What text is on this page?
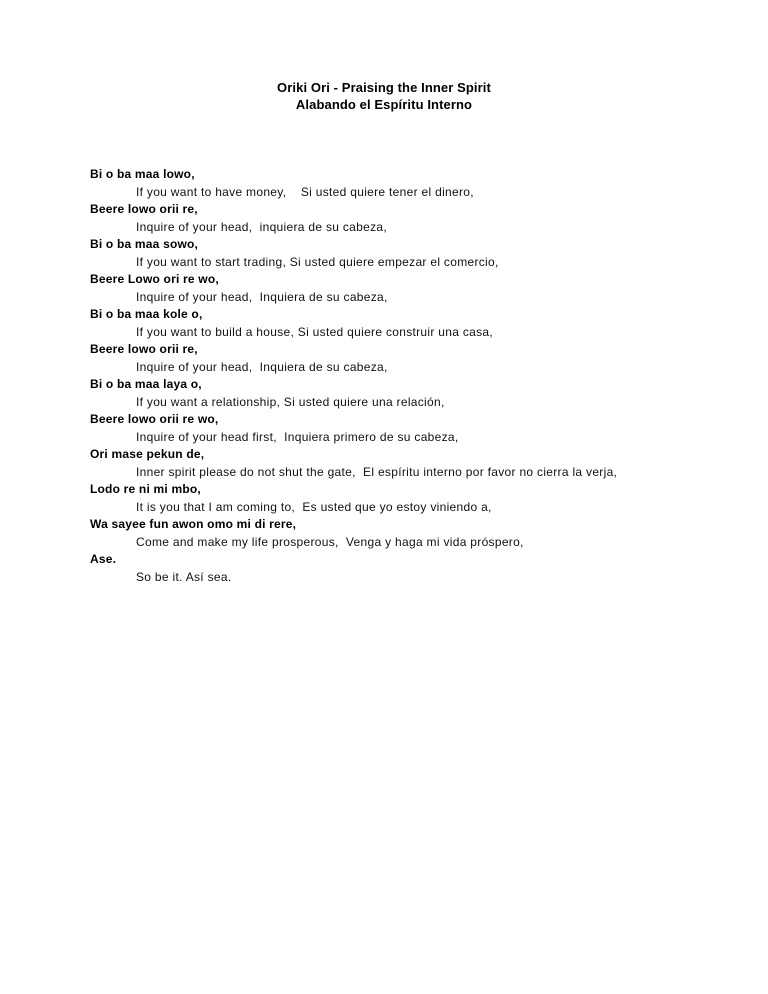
Oriki Ori - Praising the Inner Spirit
Alabando el Espíritu Interno
Bi o ba maa lowo,
If you want to have money,    Si usted quiere tener el dinero,
Beere lowo orii re,
Inquire of your head,  inquiera de su cabeza,
Bi o ba maa sowo,
If you want to start trading, Si usted quiere empezar el comercio,
Beere Lowo ori re wo,
Inquire of your head,  Inquiera de su cabeza,
Bi o ba maa kole o,
If you want to build a house, Si usted quiere construir una casa,
Beere lowo orii re,
Inquire of your head,  Inquiera de su cabeza,
Bi o ba maa laya o,
If you want a relationship, Si usted quiere una relación,
Beere lowo orii re wo,
Inquire of your head first,  Inquiera primero de su cabeza,
Ori mase pekun de,
Inner spirit please do not shut the gate,  El espíritu interno por favor no cierra la verja,
Lodo re ni mi mbo,
It is you that I am coming to,  Es usted que yo estoy viniendo a,
Wa sayee fun awon omo mi di rere,
Come and make my life prosperous,  Venga y haga mi vida próspero,
Ase.
So be it. Así sea.
